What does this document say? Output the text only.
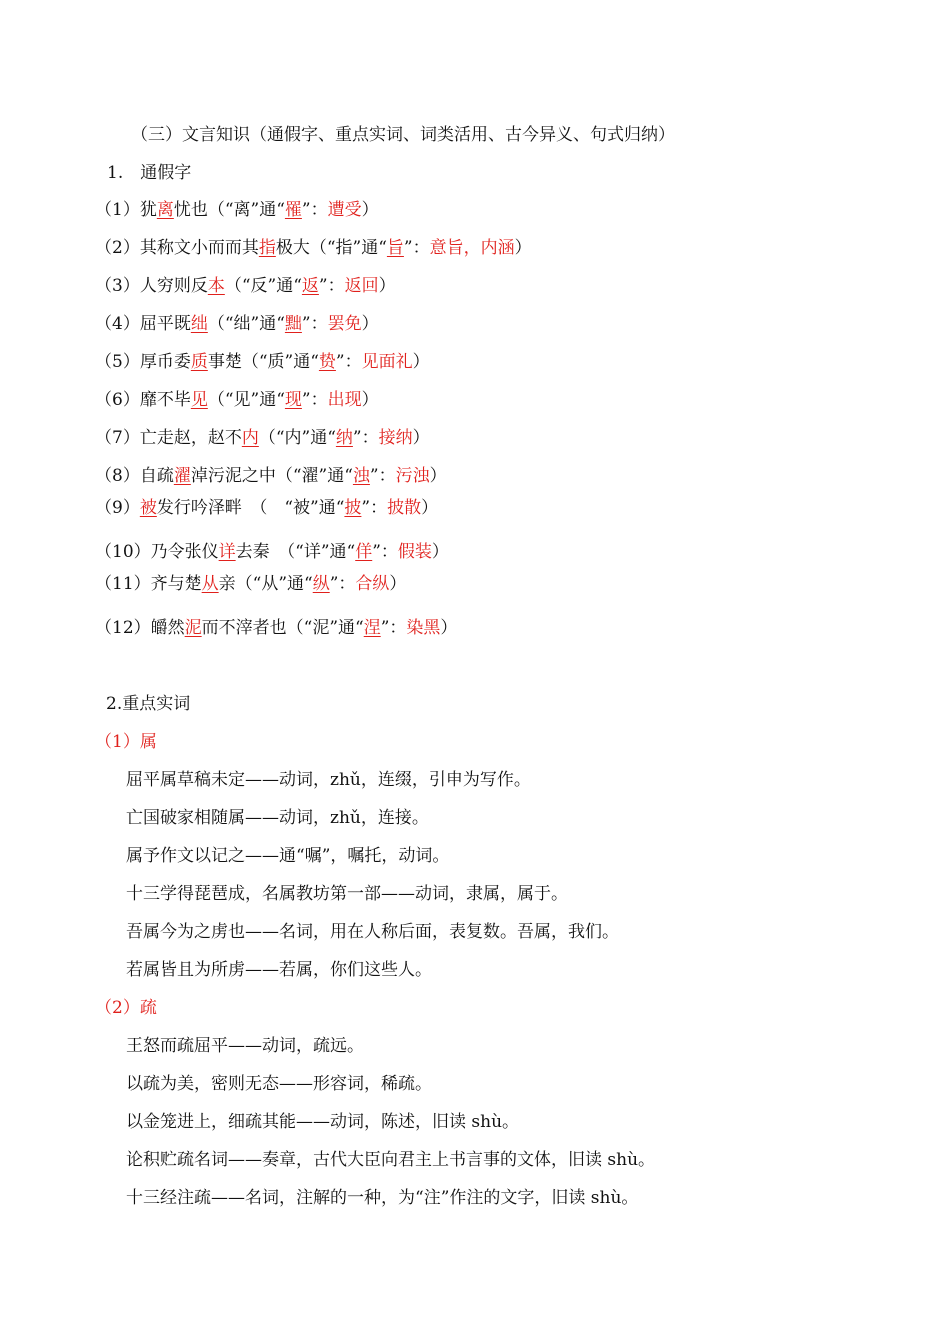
（三）文言知识（通假字、重点实词、词类活用、古今异义、句式归纳）
1.　通假字
（1）犹离忧也（“离”通“罹”：遭受）
（2）其称文小而而其指极大（“指”通“旨”：意旨，内涵）
（3）人穷则反本（“反”通“返”：返回）
（4）屈平既绌（“绌”通“黜”：罢免）
（5）厚币委质事楚（“质”通“贽”：见面礼）
（6）靡不毕见（“见”通“现”：出现）
（7）亡走赵，赵不内（“内”通“纳”：接纳）
（8）自疏濯淖污泥之中（“濯”通“浊”：污浊）
（9）被发行吟泽畔　（　“被”通“披”：披散）
（10）乃令张仪详去秦　（“详”通“佯”：假装）
（11）齐与楚从亲（“从”通“纵”：合纵）
（12）皭然泥而不滓者也（“泥”通“涅”：染黑）
2.重点实词
（1）属
屈平属草稿未定——动词，zhǔ，连缀，引申为写作。
亡国破家相随属——动词，zhǔ，连接。
属予作文以记之——通“嘱”，嘱托，动词。
十三学得琵琶成，名属教坊第一部——动词，隶属，属于。
吾属今为之虏也——名词，用在人称后面，表复数。吾属，我们。
若属皆且为所虏——若属，你们这些人。
（2）疏
王怒而疏屈平——动词，疏远。
以疏为美，密则无态——形容词，稀疏。
以金笼进上，细疏其能——动词，陈述，旧读 shù。
论积贮疏名词——奏章，古代大臣向君主上书言事的文体，旧读 shù。
十三经注疏——名词，注解的一种，为“注”作注的文字，旧读 shù。
